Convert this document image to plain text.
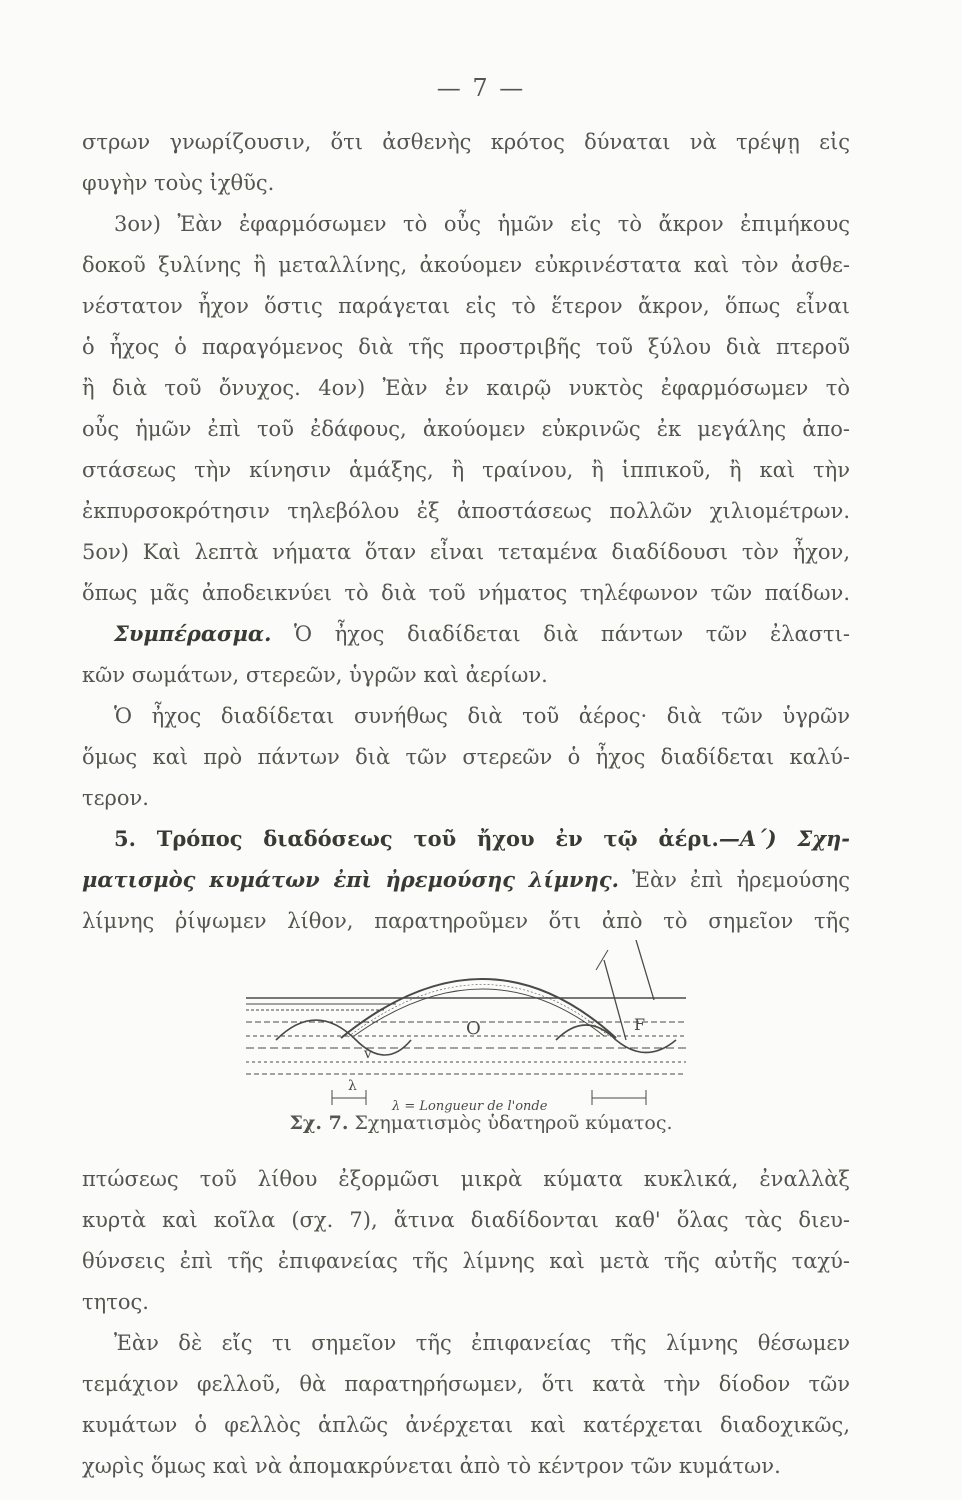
— 7 —
στρων γνωρίζουσιν, ὅτι ἀσθενὴς κρότος δύναται νὰ τρέψῃ εἰς
φυγὴν τοὺς ἰχθῦς.
3ον) Ἐὰν ἐφαρμόσωμεν τὸ οὖς ἡμῶν εἰς τὸ ἄκρον ἐπιμήκους
δοκοῦ ξυλίνης ἢ μεταλλίνης, ἀκούομεν εὐκρινέστατα καὶ τὸν ἀσθε-
νέστατον ἦχον ὅστις παράγεται εἰς τὸ ἕτερον ἄκρον, ὅπως εἶναι
ὁ ἦχος ὁ παραγόμενος διὰ τῆς προστριβῆς τοῦ ξύλου διὰ πτεροῦ
ἢ διὰ τοῦ ὄνυχος. 4ον) Ἐὰν ἐν καιρῷ νυκτὸς ἐφαρμόσωμεν τὸ
οὖς ἡμῶν ἐπὶ τοῦ ἐδάφους, ἀκούομεν εὐκρινῶς ἐκ μεγάλης ἀπο-
στάσεως τὴν κίνησιν ἁμάξης, ἢ τραίνου, ἢ ἱππικοῦ, ἢ καὶ τὴν
ἐκπυρσοκρότησιν τηλεβόλου ἐξ ἀποστάσεως πολλῶν χιλιομέτρων.
5ον) Καὶ λεπτὰ νήματα ὅταν εἶναι τεταμένα διαδίδουσι τὸν ἦχον,
ὅπως μᾶς ἀποδεικνύει τὸ διὰ τοῦ νήματος τηλέφωνον τῶν παίδων.
Συμπέρασμα. Ὁ ἦχος διαδίδεται διὰ πάντων τῶν ἐλαστι-
κῶν σωμάτων, στερεῶν, ὑγρῶν καὶ ἀερίων.
Ὁ ἦχος διαδίδεται συνήθως διὰ τοῦ ἀέρος· διὰ τῶν ὑγρῶν
ὅμως καὶ πρὸ πάντων διὰ τῶν στερεῶν ὁ ἦχος διαδίδεται καλύ-
τερον.
5. Τρόπος διαδόσεως τοῦ ἤχου ἐν τῷ ἀέρι.—Α´) Σχη-
O	F
λ
λ = Longueur de l'onde
v
Σχ. 7. Σχηματισμὸς ὑδατηροῦ κύματος.
πτώσεως τοῦ λίθου ἐξορμῶσι μικρὰ κύματα κυκλικά, ἐναλλὰξ
κυρτὰ καὶ κοῖλα (σχ. 7), ἅτινα διαδίδονται καθ' ὅλας τὰς διευ-
θύνσεις ἐπὶ τῆς ἐπιφανείας τῆς λίμνης καὶ μετὰ τῆς αὐτῆς ταχύ-
τητος.
Ἐὰν δὲ εἴς τι σημεῖον τῆς ἐπιφανείας τῆς λίμνης θέσωμεν
τεμάχιον φελλοῦ, θὰ παρατηρήσωμεν, ὅτι κατὰ τὴν δίοδον τῶν
κυμάτων ὁ φελλὸς ἁπλῶς ἀνέρχεται καὶ κατέρχεται διαδοχικῶς,
χωρὶς ὅμως καὶ νὰ ἀπομακρύνεται ἀπὸ τὸ κέντρον τῶν κυμάτων.
ματισμὸς κυμάτων ἐπὶ ἠρεμούσης λίμνης. Ἐὰν ἐπὶ ἠρεμούσης
λίμνης ῥίψωμεν λίθον, παρατηροῦμεν ὅτι ἀπὸ τὸ σημεῖον τῆς
